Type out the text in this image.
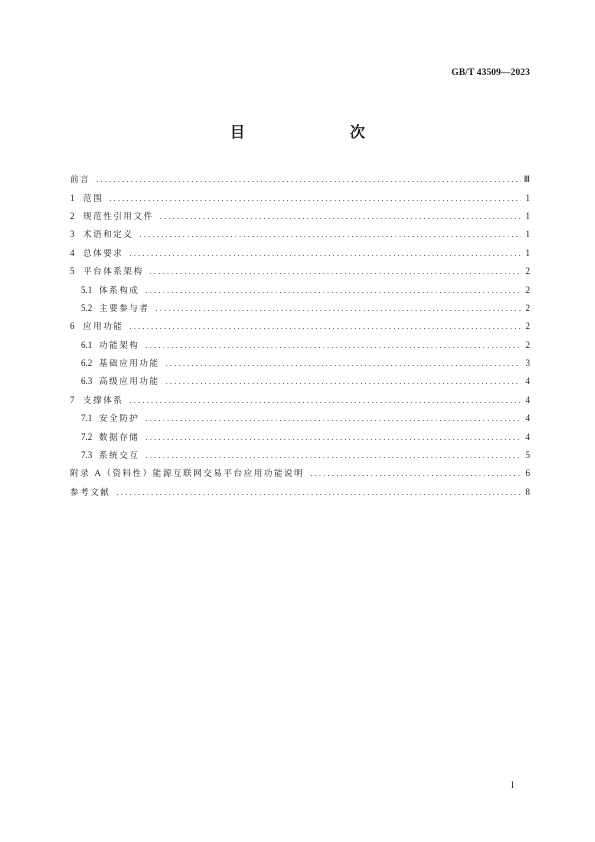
GB/T 43509—2023
目　　次
前言 .....	Ⅲ
1	范围 .....	1
2	规范性引用文件 .....	1
3	术语和定义 .....	1
4	总体要求 .....	1
5	平台体系架构 .....	2
5.1 体系构成 .....	2
5.2 主要参与者 .....	2
6	应用功能 .....	2
6.1 功能架构 .....	2
6.2 基础应用功能 .....	3
6.3 高级应用功能 .....	4
7	支撑体系 .....	4
7.1 安全防护 .....	4
7.2 数据存储 .....	4
7.3 系统交互 .....	5
附录 A（资料性）能源互联网交易平台应用功能说明 .....	6
参考文献 .....	8
I
